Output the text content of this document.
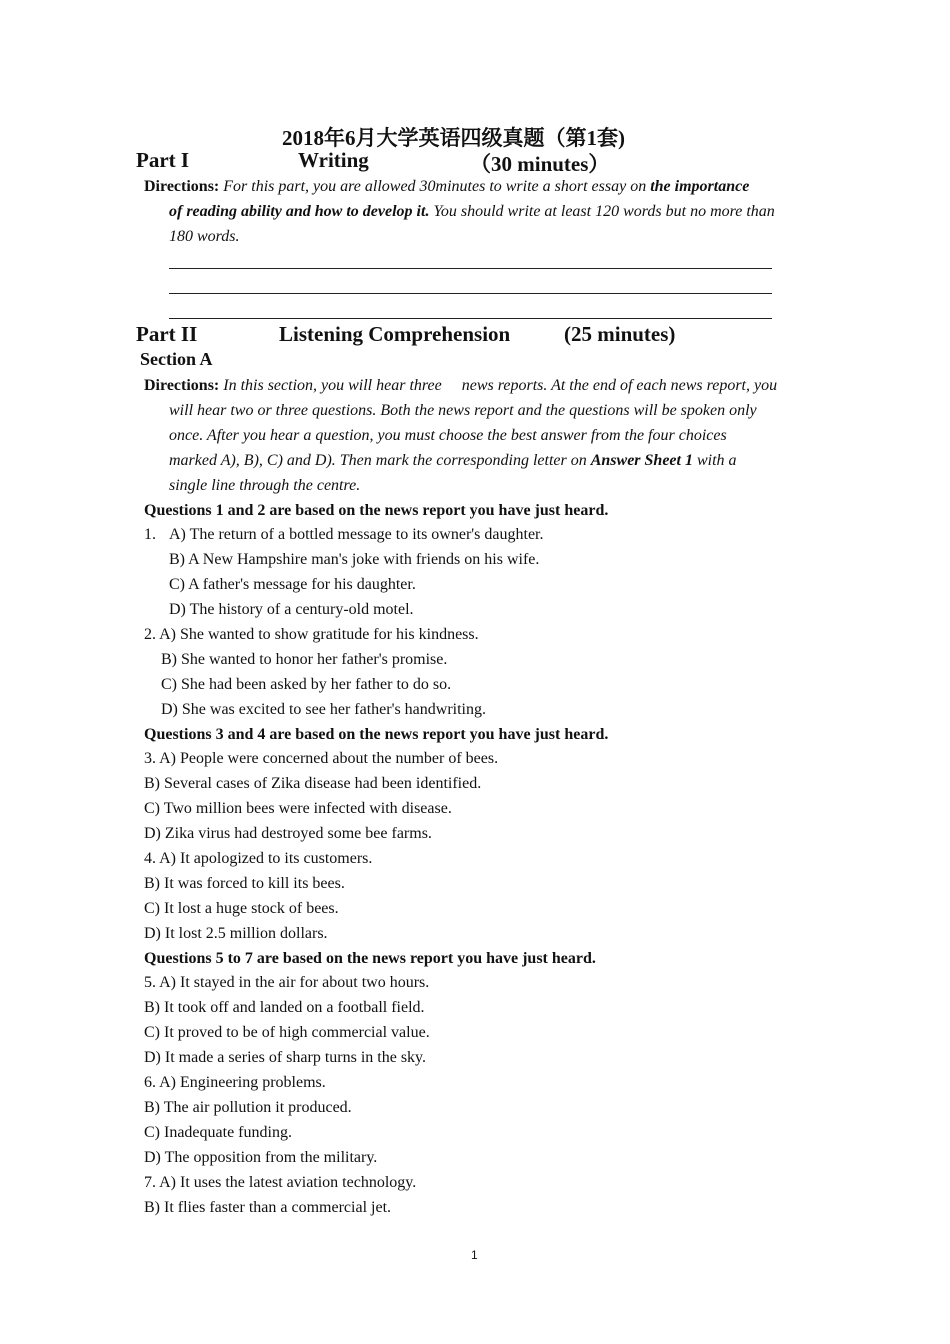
2018年6月大学英语四级真题（第1套)
Part I	Writing	（30 minutes）
Directions: For this part, you are allowed 30minutes to write a short essay on the importance
of reading ability and how to develop it. You should write at least 120 words but no more than
180 words.
Part II	Listening Comprehension	(25 minutes)
Section A
Directions: In this section, you will hear three     news reports. At the end of each news report, you
will hear two or three questions. Both the news report and the questions will be spoken only
once. After you hear a question, you must choose the best answer from the four choices
marked A), B), C) and D). Then mark the corresponding letter on Answer Sheet 1 with a
single line through the centre.
Questions 1 and 2 are based on the news report you have just heard.
1. A) The return of a bottled message to its owner's daughter.
B) A New Hampshire man's joke with friends on his wife.
C) A father's message for his daughter.
D) The history of a century-old motel.
2. A) She wanted to show gratitude for his kindness.
B) She wanted to honor her father's promise.
C) She had been asked by her father to do so.
D) She was excited to see her father's handwriting.
Questions 3 and 4 are based on the news report you have just heard.
3. A) People were concerned about the number of bees.
B) Several cases of Zika disease had been identified.
C) Two million bees were infected with disease.
D) Zika virus had destroyed some bee farms.
4. A) It apologized to its customers.
B) It was forced to kill its bees.
C) It lost a huge stock of bees.
D) It lost 2.5 million dollars.
Questions 5 to 7 are based on the news report you have just heard.
5. A) It stayed in the air for about two hours.
B) It took off and landed on a football field.
C) It proved to be of high commercial value.
D) It made a series of sharp turns in the sky.
6. A) Engineering problems.
B) The air pollution it produced.
C) Inadequate funding.
D) The opposition from the military.
7. A) It uses the latest aviation technology.
B) It flies faster than a commercial jet.
1
